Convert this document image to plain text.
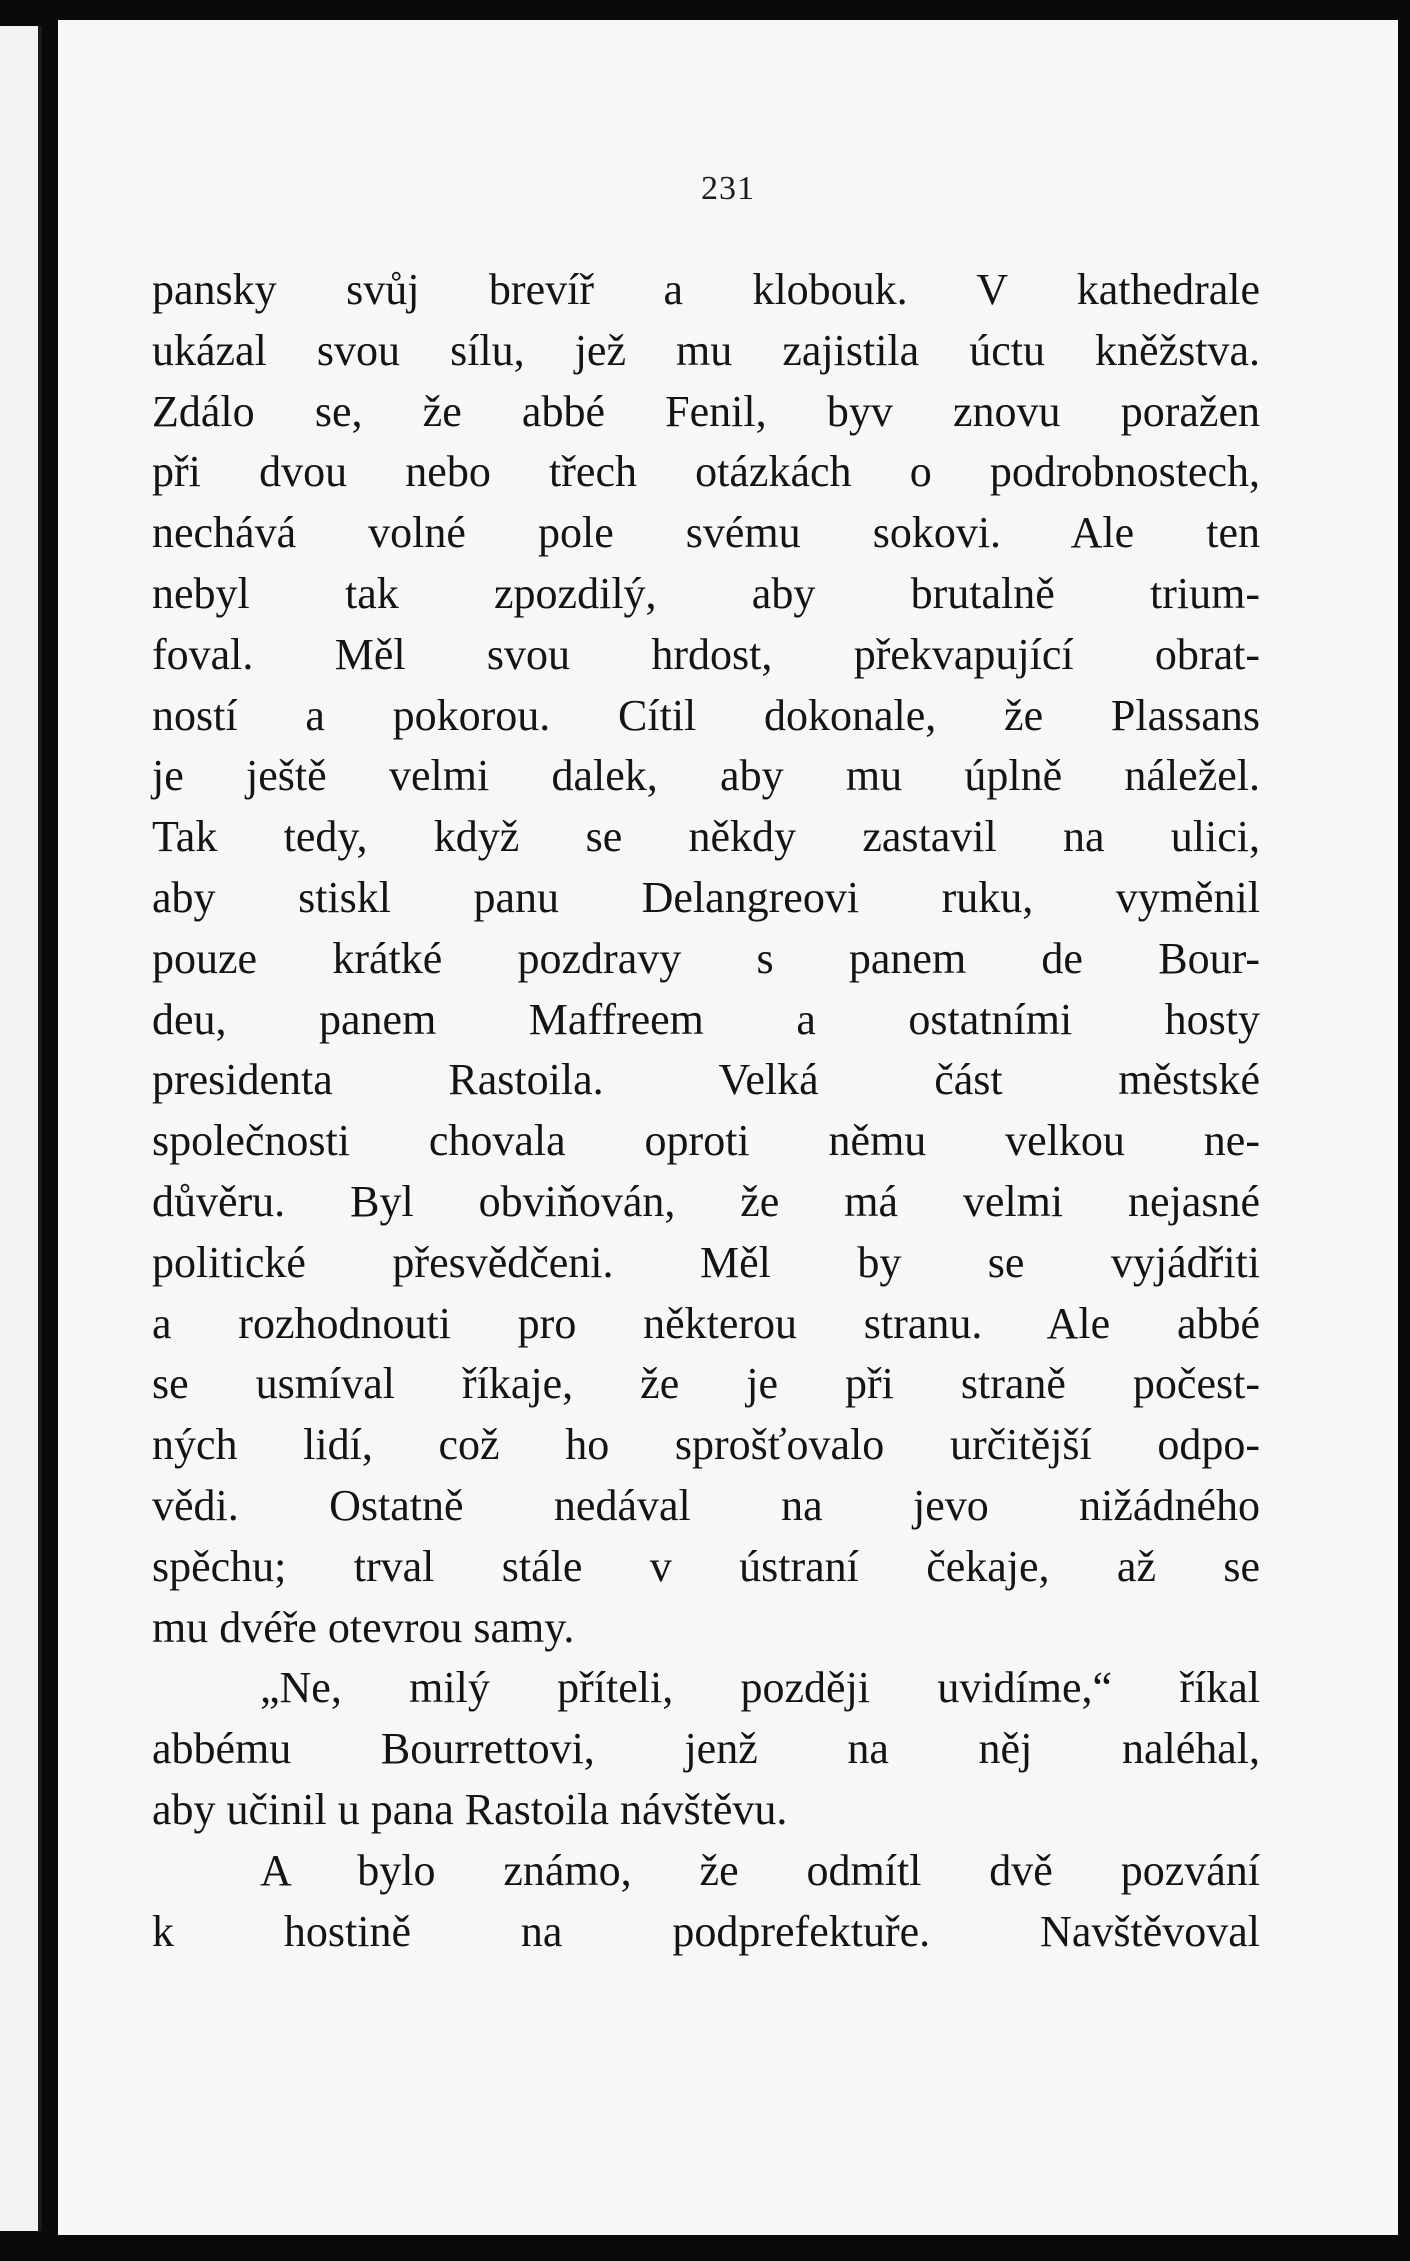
231
pansky svůj brevíř a klobouk. V kathedrale
ukázal svou sílu, jež mu zajistila úctu kněžstva.
Zdálo se, že abbé Fenil, byv znovu poražen
při dvou nebo třech otázkách o podrobnostech,
nechává volné pole svému sokovi. Ale ten
nebyl tak zpozdilý, aby brutalně trium-
foval. Měl svou hrdost, překvapující obrat-
ností a pokorou. Cítil dokonale, že Plassans
je ještě velmi dalek, aby mu úplně náležel.
Tak tedy, když se někdy zastavil na ulici,
aby stiskl panu Delangreovi ruku, vyměnil
pouze krátké pozdravy s panem de Bour-
deu, panem Maffreem a ostatními hosty
presidenta Rastoila. Velká část městské
společnosti chovala oproti němu velkou ne-
důvěru. Byl obviňován, že má velmi nejasné
politické přesvědčeni. Měl by se vyjádřiti
a rozhodnouti pro některou stranu. Ale abbé
se usmíval říkaje, že je při straně počest-
ných lidí, což ho sprošťovalo určitější odpo-
vědi. Ostatně nedával na jevo nižádného
spěchu; trval stále v ústraní čekaje, až se
mu dvéře otevrou samy.
„Ne, milý příteli, později uvidíme,“ říkal
abbému Bourrettovi, jenž na něj naléhal,
aby učinil u pana Rastoila návštěvu.
A bylo známo, že odmítl dvě pozvání
k hostině na podprefektuře. Navštěvoval
